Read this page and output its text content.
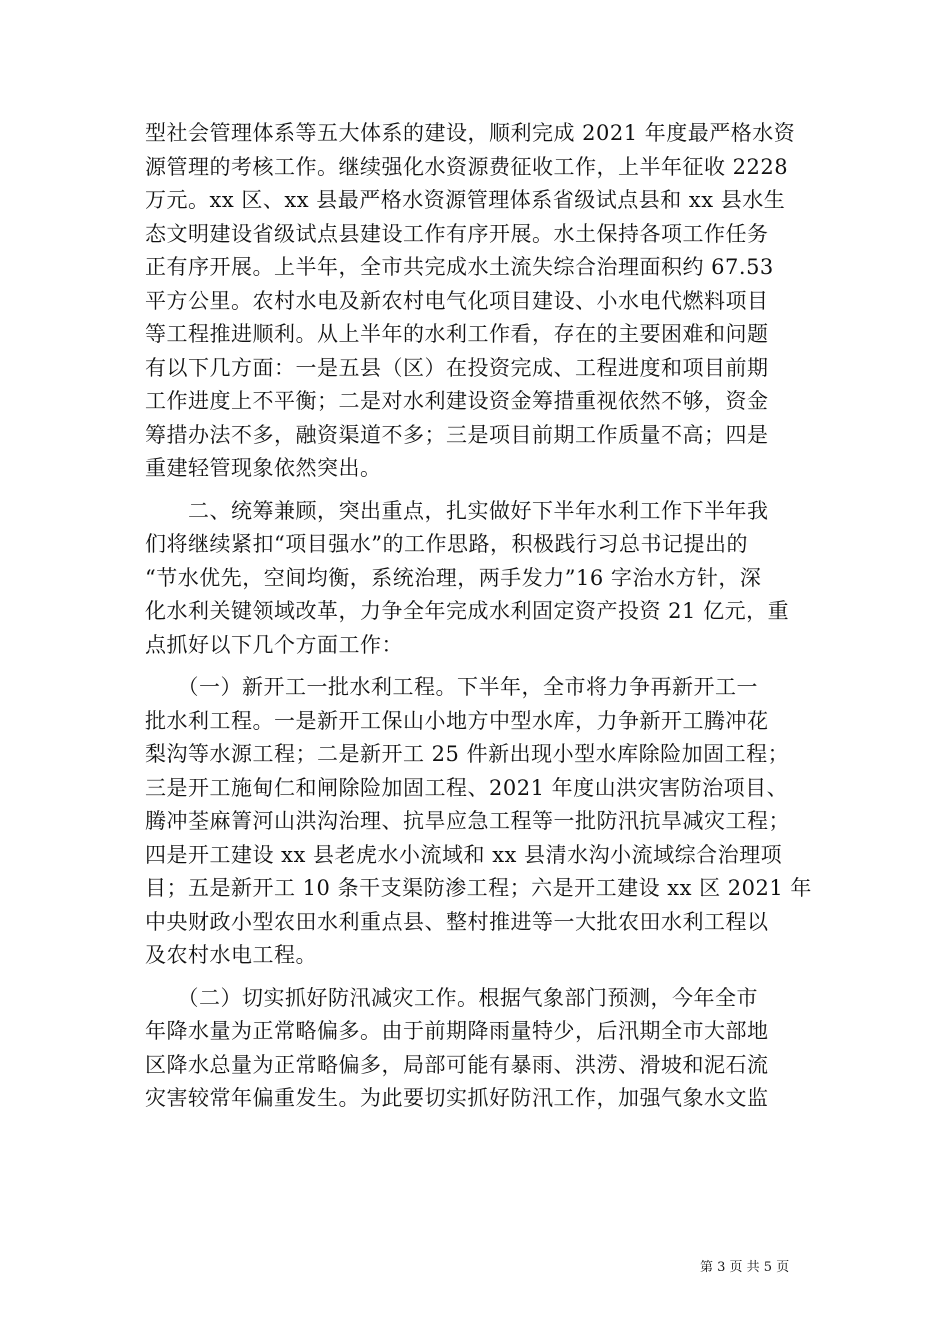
型社会管理体系等五大体系的建设，顺利完成 2021 年度最严格水资
源管理的考核工作。继续强化水资源费征收工作，上半年征收 2228
万元。xx 区、xx 县最严格水资源管理体系省级试点县和 xx 县水生
态文明建设省级试点县建设工作有序开展。水土保持各项工作任务
正有序开展。上半年，全市共完成水土流失综合治理面积约 67.53
平方公里。农村水电及新农村电气化项目建设、小水电代燃料项目
等工程推进顺利。从上半年的水利工作看，存在的主要困难和问题
有以下几方面：一是五县（区）在投资完成、工程进度和项目前期
工作进度上不平衡；二是对水利建设资金筹措重视依然不够，资金
筹措办法不多，融资渠道不多；三是项目前期工作质量不高；四是
重建轻管现象依然突出。
　　二、统筹兼顾，突出重点，扎实做好下半年水利工作下半年我
们将继续紧扣“项目强水”的工作思路，积极践行习总书记提出的
“节水优先，空间均衡，系统治理，两手发力”16 字治水方针，深
化水利关键领域改革，力争全年完成水利固定资产投资 21 亿元，重
点抓好以下几个方面工作：
　　（一）新开工一批水利工程。下半年，全市将力争再新开工一
批水利工程。一是新开工保山小地方中型水库，力争新开工腾冲花
梨沟等水源工程；二是新开工 25 件新出现小型水库除险加固工程；
三是开工施甸仁和闸除险加固工程、2021 年度山洪灾害防治项目、
腾冲荃麻箐河山洪沟治理、抗旱应急工程等一批防汛抗旱减灾工程；
四是开工建设 xx 县老虎水小流域和 xx 县清水沟小流域综合治理项
目；五是新开工 10 条干支渠防渗工程；六是开工建设 xx 区 2021 年
中央财政小型农田水利重点县、整村推进等一大批农田水利工程以
及农村水电工程。
　　（二）切实抓好防汛减灾工作。根据气象部门预测，今年全市
年降水量为正常略偏多。由于前期降雨量特少，后汛期全市大部地
区降水总量为正常略偏多，局部可能有暴雨、洪涝、滑坡和泥石流
灾害较常年偏重发生。为此要切实抓好防汛工作，加强气象水文监
第 3 页 共 5 页
